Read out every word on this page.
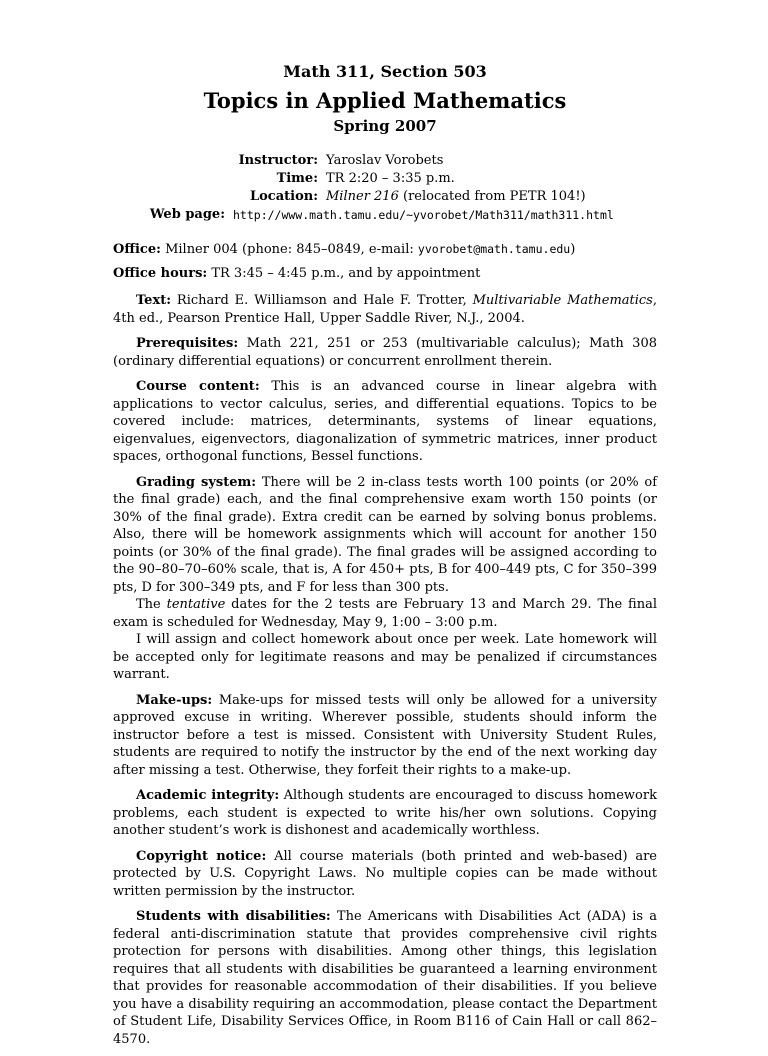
Math 311, Section 503

Topics in Applied Mathematics

Spring 2007

Instructor: Yaroslav Vorobets
Time: TR 2:20 – 3:35 p.m.
Location: Milner 216 (relocated from PETR 104!)
Web page: http://www.math.tamu.edu/~yvorobet/Math311/math311.html
Office: Milner 004 (phone: 845–0849, e-mail: yvorobet@math.tamu.edu)
Office hours: TR 3:45 – 4:45 p.m., and by appointment

Text: Richard E. Williamson and Hale F. Trotter, Multivariable Mathematics, 4th ed., Pearson Prentice Hall, Upper Saddle River, N.J., 2004.

Prerequisites: Math 221, 251 or 253 (multivariable calculus); Math 308 (ordinary differential equations) or concurrent enrollment therein.

Course content: This is an advanced course in linear algebra with applications to vector calculus, series, and differential equations. Topics to be covered include: matrices, determinants, systems of linear equations, eigenvalues, eigenvectors, diagonalization of symmetric matrices, inner product spaces, orthogonal functions, Bessel functions.

Grading system: There will be 2 in-class tests worth 100 points (or 20% of the final grade) each, and the final comprehensive exam worth 150 points (or 30% of the final grade). Extra credit can be earned by solving bonus problems. Also, there will be homework assignments which will account for another 150 points (or 30% of the final grade). The final grades will be assigned according to the 90–80–70–60% scale, that is, A for 450+ pts, B for 400–449 pts, C for 350–399 pts, D for 300–349 pts, and F for less than 300 pts.

The tentative dates for the 2 tests are February 13 and March 29. The final exam is scheduled for Wednesday, May 9, 1:00 – 3:00 p.m.

I will assign and collect homework about once per week. Late homework will be accepted only for legitimate reasons and may be penalized if circumstances warrant.

Make-ups: Make-ups for missed tests will only be allowed for a university approved excuse in writing. Wherever possible, students should inform the instructor before a test is missed. Consistent with University Student Rules, students are required to notify the instructor by the end of the next working day after missing a test. Otherwise, they forfeit their rights to a make-up.

Academic integrity: Although students are encouraged to discuss homework problems, each student is expected to write his/her own solutions. Copying another student’s work is dishonest and academically worthless.

Copyright notice: All course materials (both printed and web-based) are protected by U.S. Copyright Laws. No multiple copies can be made without written permission by the instructor.

Students with disabilities: The Americans with Disabilities Act (ADA) is a federal anti-discrimination statute that provides comprehensive civil rights protection for persons with disabilities. Among other things, this legislation requires that all students with disabilities be guaranteed a learning environment that provides for reasonable accommodation of their disabilities. If you believe you have a disability requiring an accommodation, please contact the Department of Student Life, Disability Services Office, in Room B116 of Cain Hall or call 862–4570.
